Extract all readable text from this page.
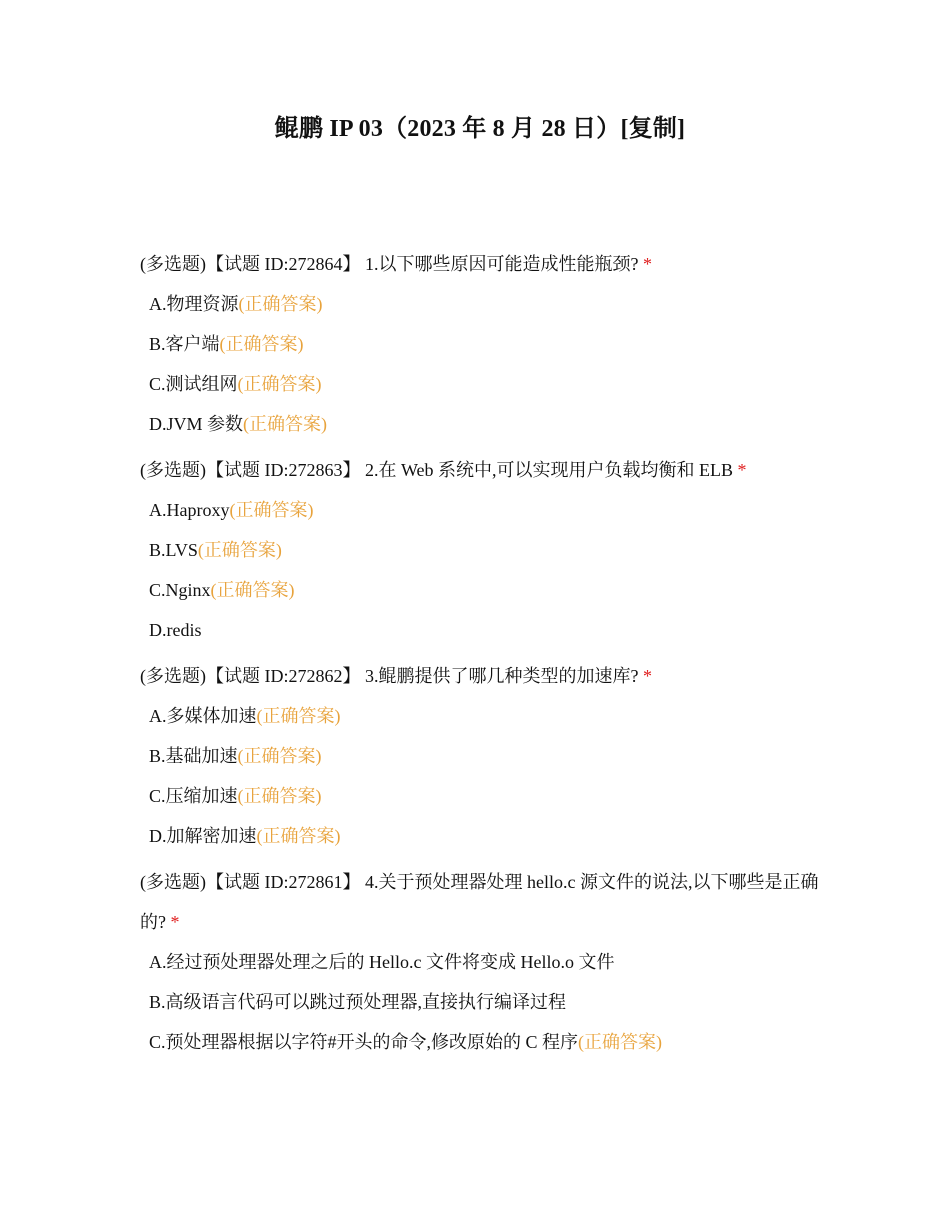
鲲鹏 IP 03（2023 年 8 月 28 日）[复制]
(多选题)【试题 ID:272864】 1.以下哪些原因可能造成性能瓶颈? *
A.物理资源(正确答案)
B.客户端(正确答案)
C.测试组网(正确答案)
D.JVM 参数(正确答案)
(多选题)【试题 ID:272863】 2.在 Web 系统中,可以实现用户负载均衡和 ELB *
A.Haproxy(正确答案)
B.LVS(正确答案)
C.Nginx(正确答案)
D.redis
(多选题)【试题 ID:272862】 3.鲲鹏提供了哪几种类型的加速库? *
A.多媒体加速(正确答案)
B.基础加速(正确答案)
C.压缩加速(正确答案)
D.加解密加速(正确答案)
(多选题)【试题 ID:272861】 4.关于预处理器处理 hello.c 源文件的说法,以下哪些是正确的? *
A.经过预处理器处理之后的 Hello.c 文件将变成 Hello.o 文件
B.高级语言代码可以跳过预处理器,直接执行编译过程
C.预处理器根据以字符#开头的命令,修改原始的 C 程序(正确答案)
